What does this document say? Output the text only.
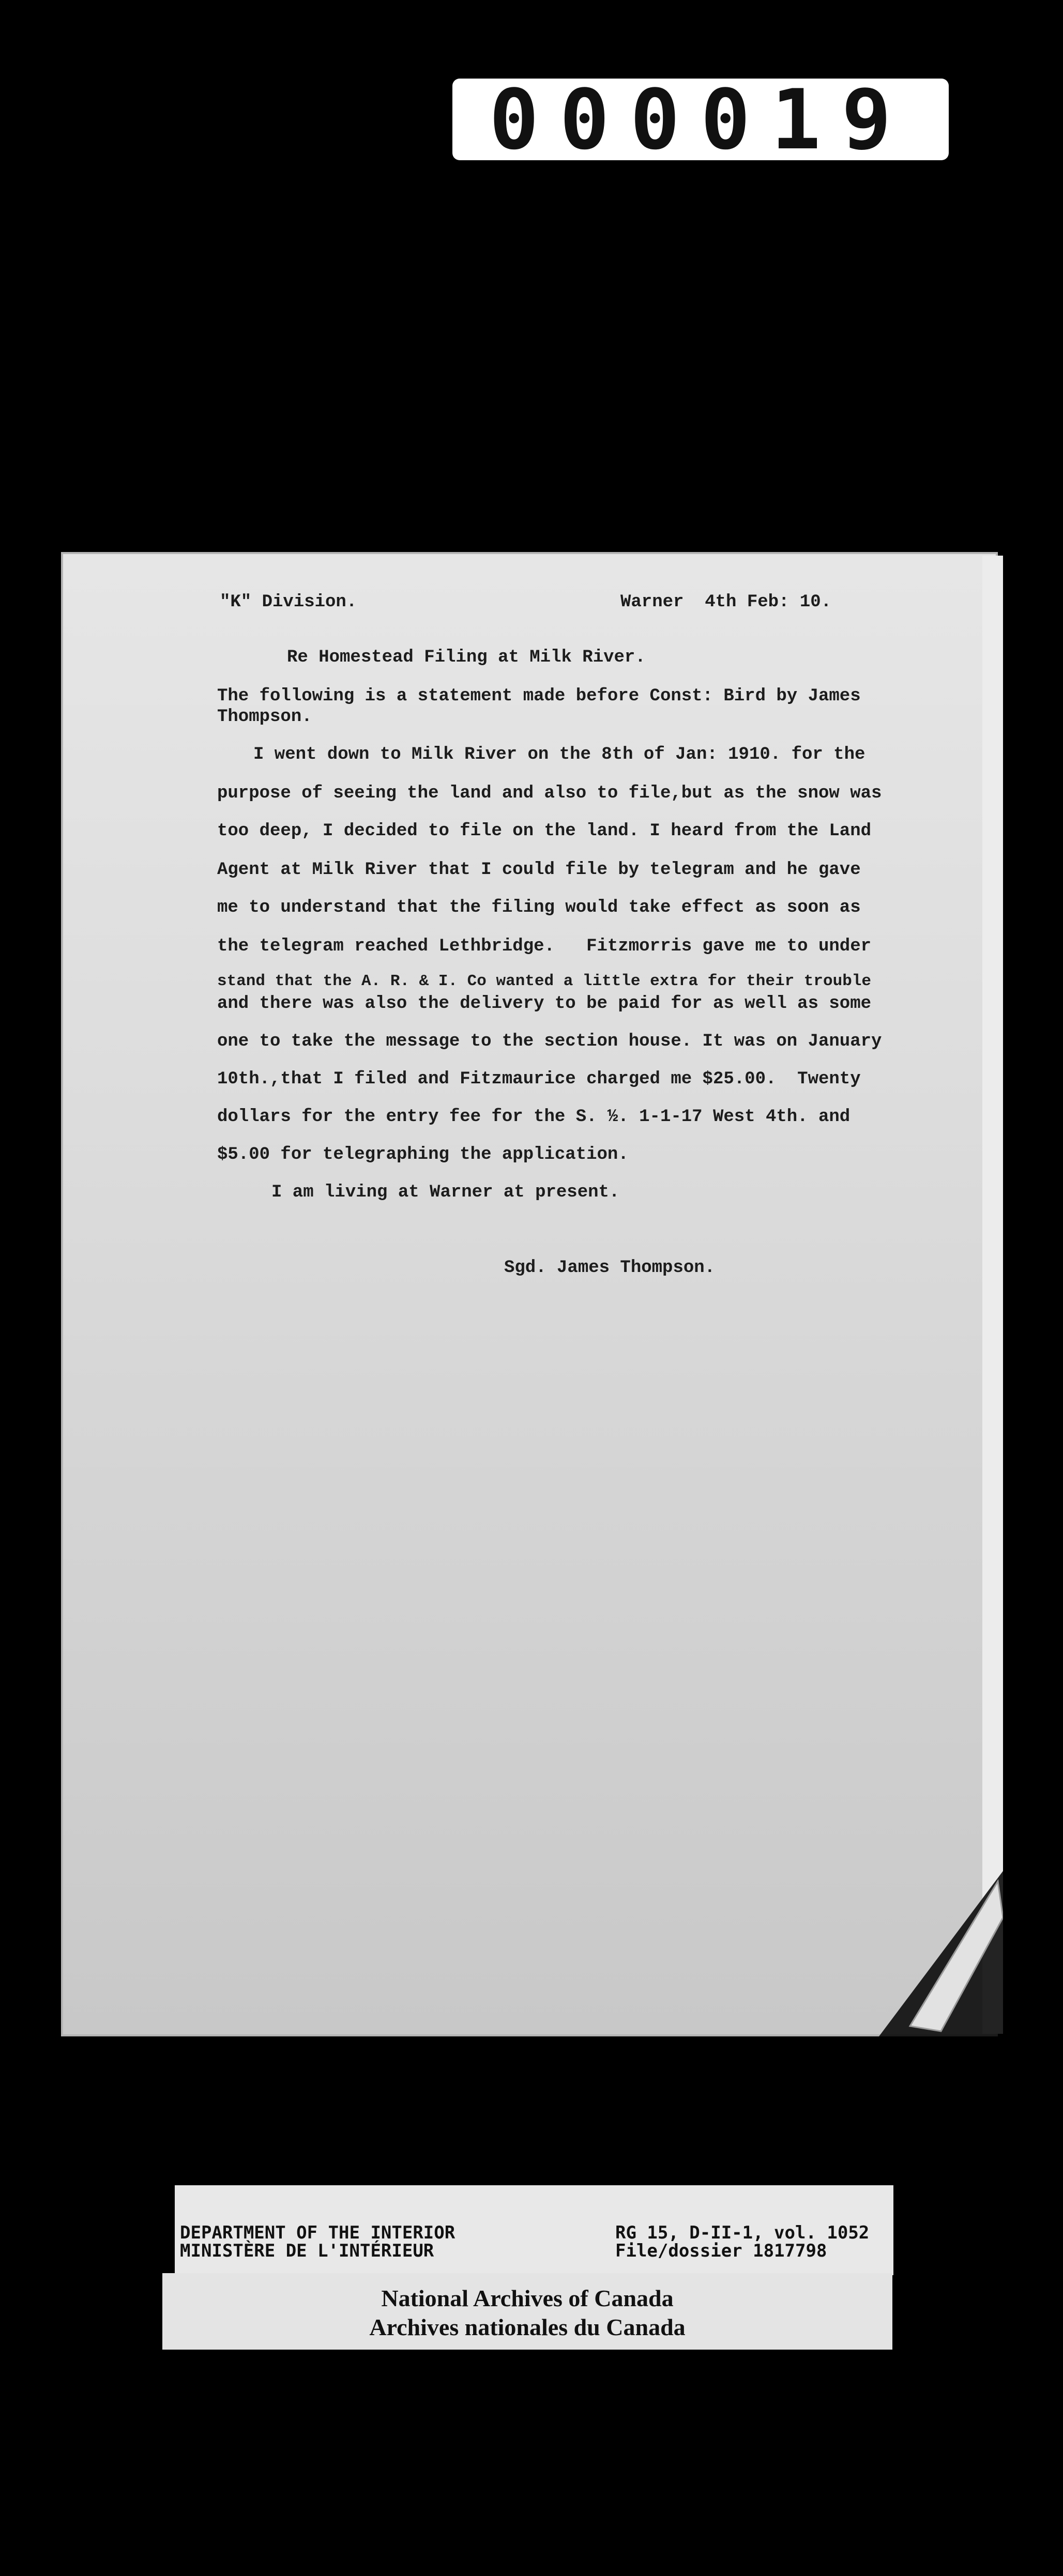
000019
"K" Division.	Warner  4th Feb: 10.
Re Homestead Filing at Milk River.
The following is a statement made before Const: Bird by James
Thompson.
I went down to Milk River on the 8th of Jan: 1910. for the
purpose of seeing the land and also to file,but as the snow was
too deep, I decided to file on the land. I heard from the Land
Agent at Milk River that I could file by telegram and he gave
me to understand that the filing would take effect as soon as
the telegram reached Lethbridge.   Fitzmorris gave me to under
stand that the A. R. & I. Co wanted a little extra for their trouble
and there was also the delivery to be paid for as well as some
one to take the message to the section house. It was on January
10th.,that I filed and Fitzmaurice charged me $25.00.  Twenty
dollars for the entry fee for the S. ½. 1-1-17 West 4th. and
$5.00 for telegraphing the application.
I am living at Warner at present.
Sgd. James Thompson.
DEPARTMENT OF THE INTERIOR
MINISTÈRE DE L'INTÉRIEUR
RG 15, D-II-1, vol. 1052
File/dossier 1817798
National Archives of Canada
Archives nationales du Canada
